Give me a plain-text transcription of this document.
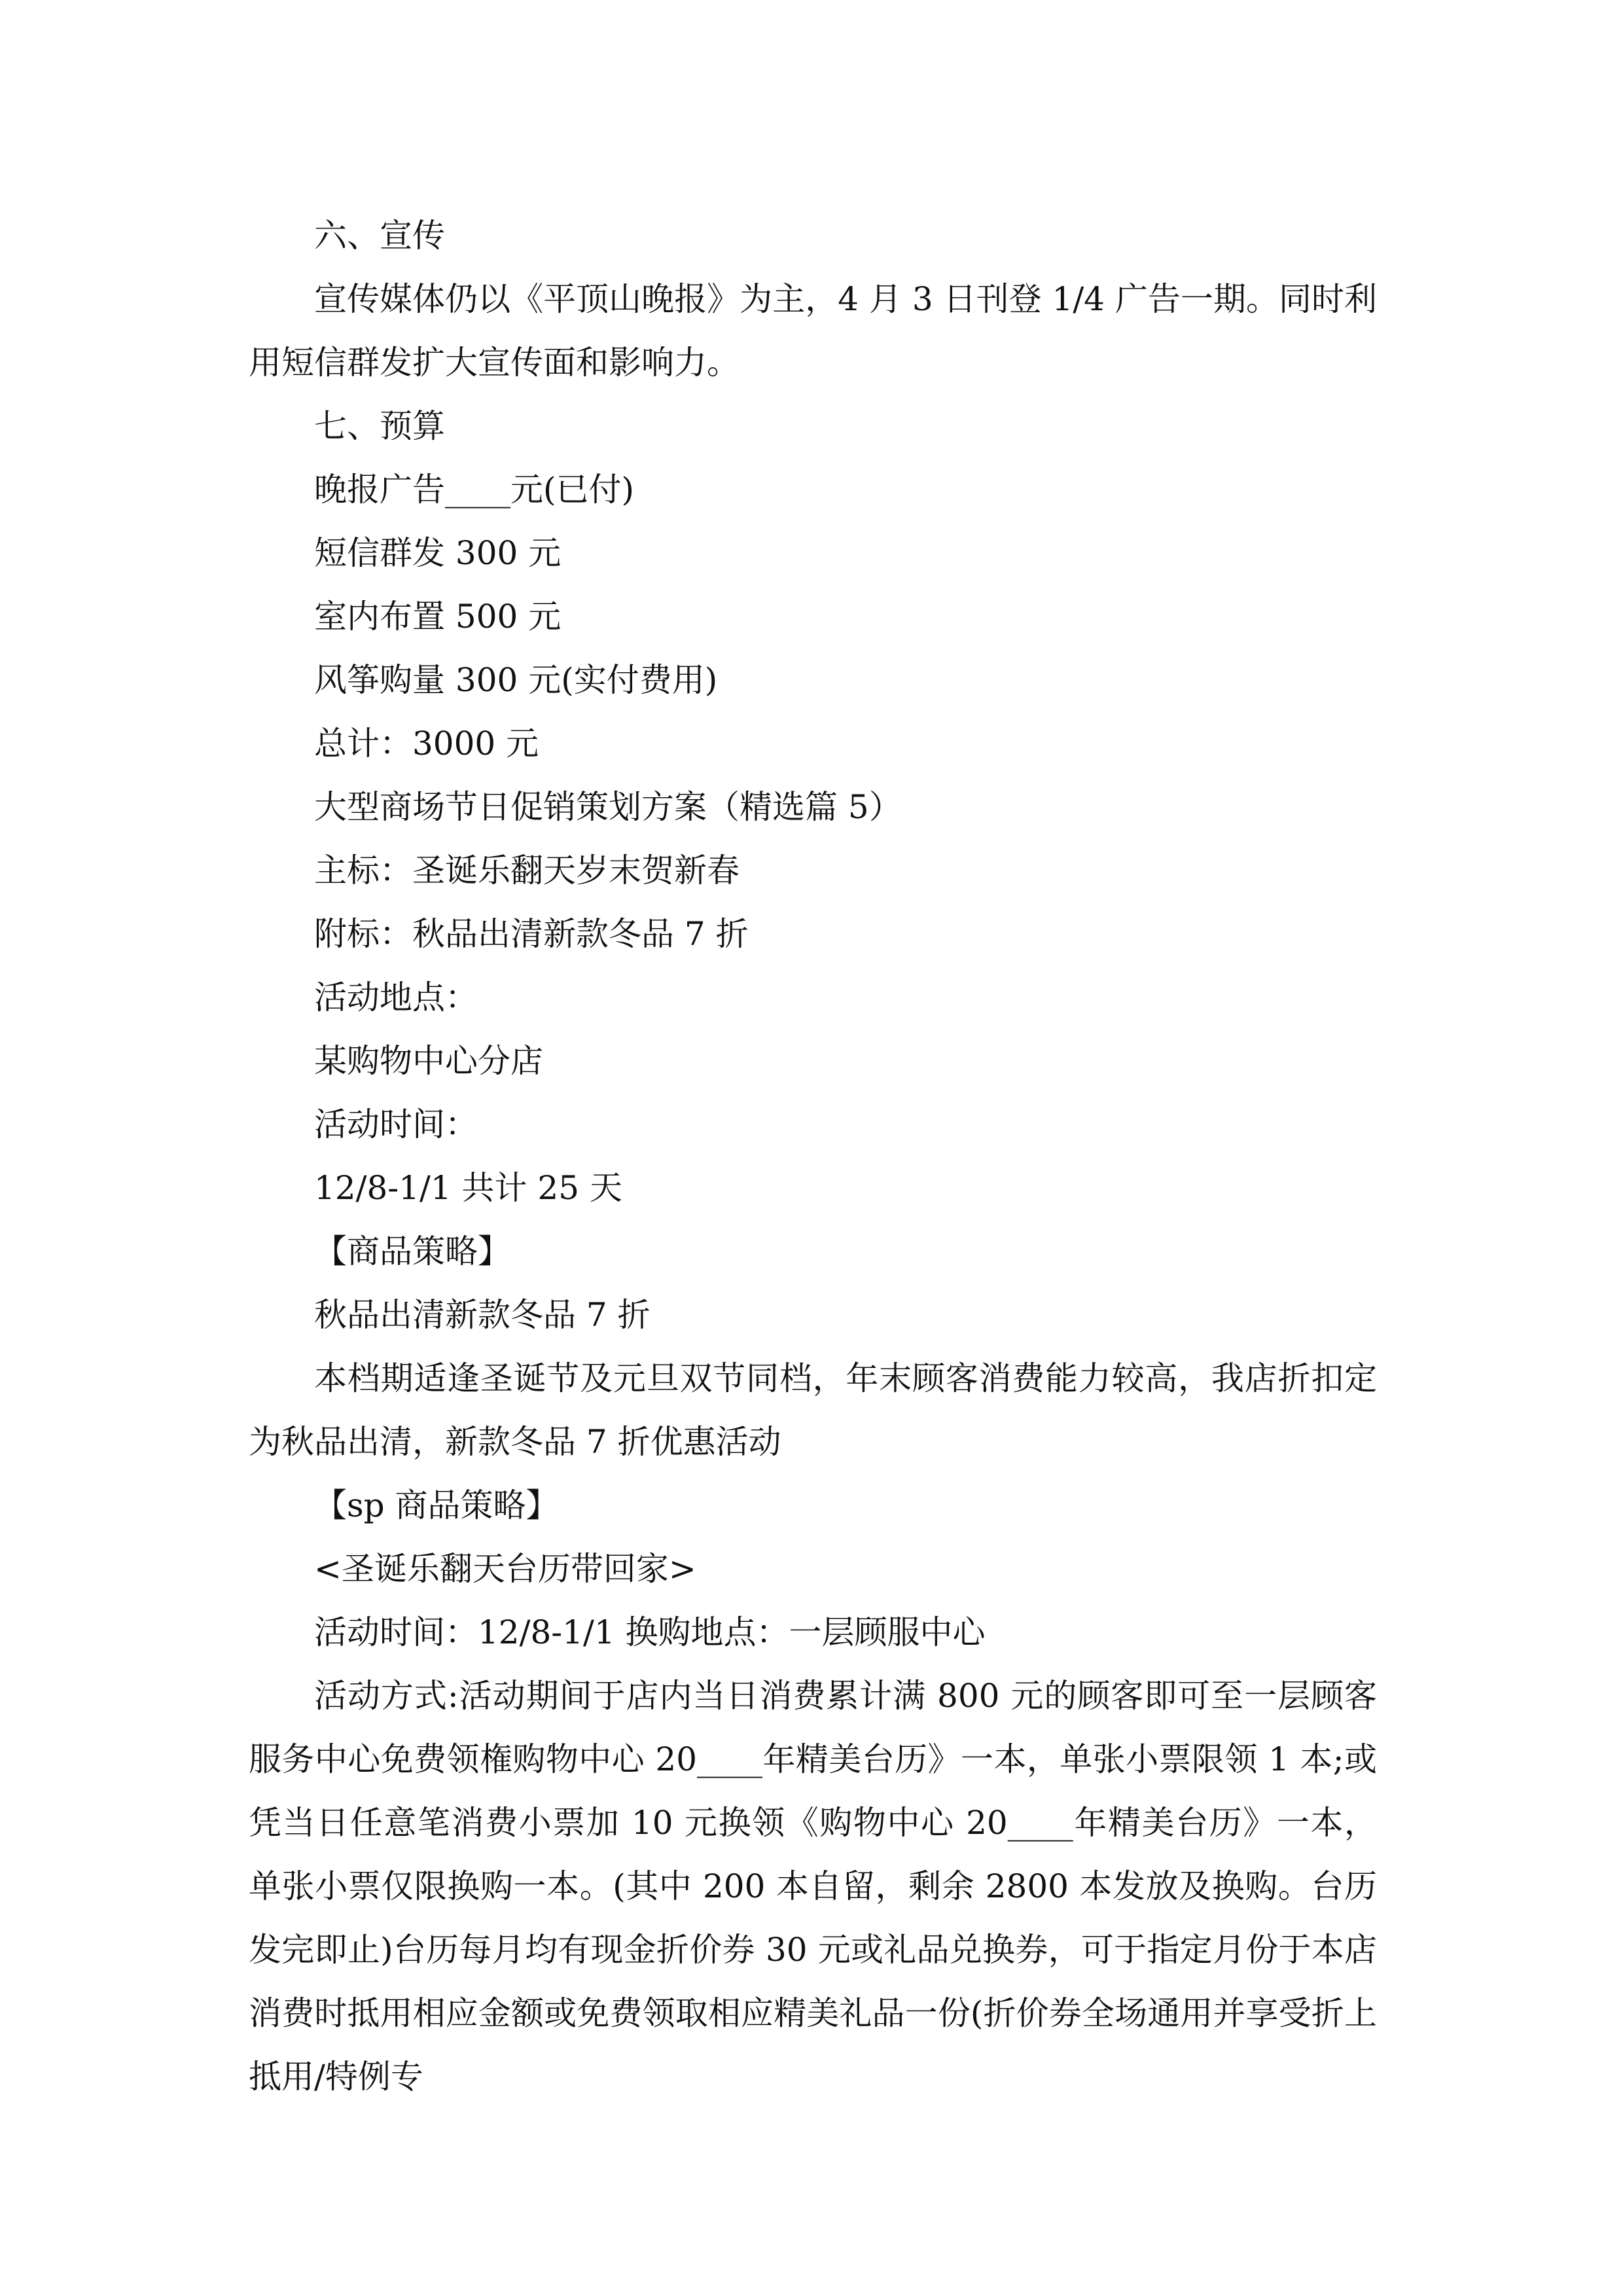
六、宣传

宣传媒体仍以《平顶山晚报》为主，4 月 3 日刊登 1/4 广告一期。同时利用短信群发扩大宣传面和影响力。

七、预算

晚报广告____元(已付)

短信群发 300 元

室内布置 500 元

风筝购量 300 元(实付费用)

总计：3000 元

大型商场节日促销策划方案（精选篇 5）

主标：圣诞乐翻天岁末贺新春

附标：秋品出清新款冬品 7 折

活动地点：

某购物中心分店

活动时间：

12/8-1/1 共计 25 天

【商品策略】

秋品出清新款冬品 7 折

本档期适逢圣诞节及元旦双节同档，年末顾客消费能力较高，我店折扣定为秋品出清，新款冬品 7 折优惠活动

【sp 商品策略】

<圣诞乐翻天台历带回家>

活动时间：12/8-1/1 换购地点：一层顾服中心

活动方式:活动期间于店内当日消费累计满 800 元的顾客即可至一层顾客服务中心免费领権购物中心 20____年精美台历》一本，单张小票限领 1 本;或凭当日任意笔消费小票加 10 元换领《购物中心 20____年精美台历》一本，单张小票仅限换购一本。(其中 200 本自留，剩余 2800 本发放及换购。台历发完即止)台历每月均有现金折价券 30 元或礼品兑换券，可于指定月份于本店消费时抵用相应金额或免费领取相应精美礼品一份(折价券全场通用并享受折上抵用/特例专
